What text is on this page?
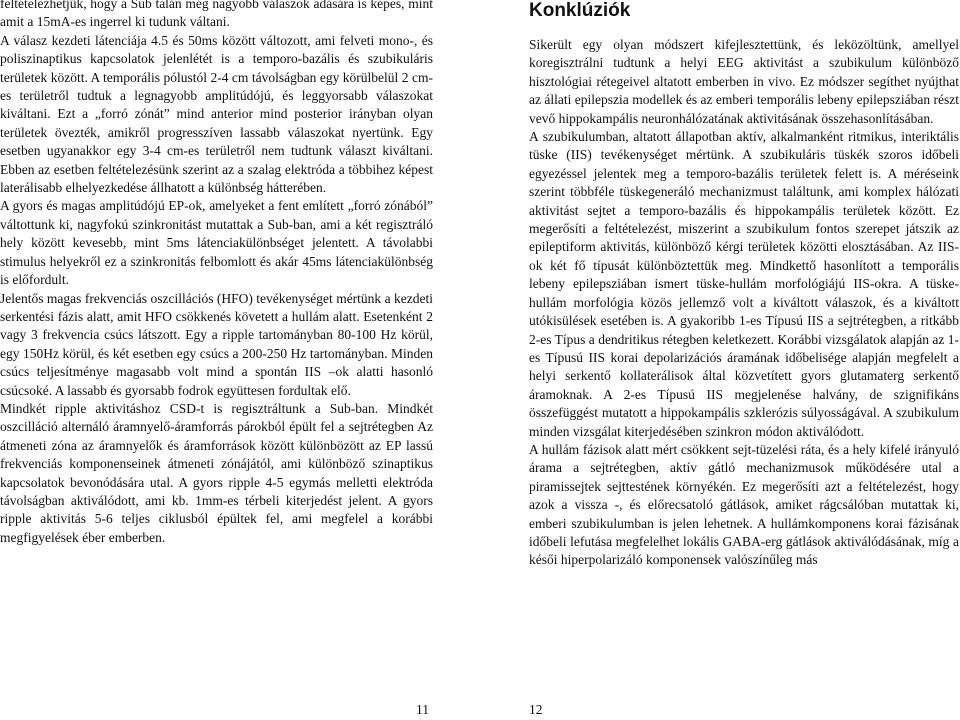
feltételezhetjük, hogy a Sub talán még nagyobb válaszok adására is képes, mint amit a 15mA-es ingerrel ki tudunk váltani.

A válasz kezdeti látenciája 4.5 és 50ms között változott, ami felveti mono-, és poliszinaptikus kapcsolatok jelenlétét is a temporo-bazális és szubikuláris területek között. A temporális pólustól 2-4 cm távolságban egy körülbelül 2 cm-es területről tudtuk a legnagyobb amplitúdójú, és leggyorsabb válaszokat kiváltani. Ezt a „forró zónát” mind anterior mind posterior irányban olyan területek övezték, amikről progresszíven lassabb válaszokat nyertünk. Egy esetben ugyanakkor egy 3-4 cm-es területről nem tudtunk választ kiváltani. Ebben az esetben feltételezésünk szerint az a szalag elektróda a többihez képest laterálisabb elhelyezkedése állhatott a különbség hátterében.

A gyors és magas amplitúdójú EP-ok, amelyeket a fent említett „forró zónából” váltottunk ki, nagyfokú szinkronitást mutattak a Sub-ban, ami a két regisztráló hely között kevesebb, mint 5ms látenciakülönbséget jelentett. A távolabbi stimulus helyekről ez a szinkronitás felbomlott és akár 45ms látenciakülönbség is előfordult.

Jelentős magas frekvenciás oszcillációs (HFO) tevékenységet mértünk a kezdeti serkentési fázis alatt, amit HFO csökkenés követett a hullám alatt. Esetenként 2 vagy 3 frekvencia csúcs látszott. Egy a ripple tartományban 80-100 Hz körül, egy 150Hz körül, és két esetben egy csúcs a 200-250 Hz tartományban. Minden csúcs teljesítménye magasabb volt mind a spontán IIS –ok alatti hasonló csúcsoké. A lassabb és gyorsabb fodrok együttesen fordultak elő.

Mindkét ripple aktivitáshoz CSD-t is regisztráltunk a Sub-ban. Mindkét oszcilláció alternáló áramnyelő-áramforrás párokból épült fel a sejtrétegben Az átmeneti zóna az áramnyelők és áramforrások között különbözött az EP lassú frekvenciás komponenseinek átmeneti zónájától, ami különböző szinaptikus kapcsolatok bevonódására utal. A gyors ripple 4-5 egymás melletti elektróda távolságban aktiválódott, ami kb. 1mm-es térbeli kiterjedést jelent. A gyors ripple aktivitás 5-6 teljes ciklusból épültek fel, ami megfelel a korábbi megfigyelések éber emberben.

Konklúziók

Sikerült egy olyan módszert kifejlesztettünk, és leközöltünk, amellyel koregisztrálni tudtunk a helyi EEG aktivitást a szubikulum különböző hisztológiai rétegeivel altatott emberben in vivo. Ez módszer segíthet nyújthat az állati epilepszia modellek és az emberi temporális lebeny epilepsziában részt vevő hippokampális neuronhálózatának aktivitásának összehasonlításában.

A szubikulumban, altatott állapotban aktív, alkalmanként ritmikus, interiktális tüske (IIS) tevékenységet mértünk. A szubikuláris tüskék szoros időbeli egyezéssel jelentek meg a temporo-bazális területek felett is. A méréseink szerint többféle tüskegeneráló mechanizmust találtunk, ami komplex hálózati aktivitást sejtet a temporo-bazális és hippokampális területek között. Ez megerősíti a feltételezést, miszerint a szubikulum fontos szerepet játszik az epileptiform aktivitás, különböző kérgi területek közötti elosztásában. Az IIS-ok két fő típusát különböztettük meg. Mindkettő hasonlított a temporális lebeny epilepsziában ismert tüske-hullám morfológiájú IIS-okra. A tüske-hullám morfológia közös jellemző volt a kiváltott válaszok, és a kiváltott utókisülések esetében is. A gyakoribb 1-es Típusú IIS a sejtrétegben, a ritkább 2-es Típus a dendritikus rétegben keletkezett. Korábbi vizsgálatok alapján az 1-es Típusú IIS korai depolarizációs áramának időbelisége alapján megfelelt a helyi serkentő kollaterálisok által közvetített gyors glutamaterg serkentő áramoknak. A 2-es Típusú IIS megjelenése halvány, de szignifikáns összefüggést mutatott a hippokampális szklerózis súlyosságával. A szubikulum minden vizsgálat kiterjedésében szinkron módon aktiválódott.

A hullám fázisok alatt mért csökkent sejt-tüzelési ráta, és a hely kifelé irányuló árama a sejtrétegben, aktív gátló mechanizmusok működésére utal a piramissejtek sejttestének környékén. Ez megerősíti azt a feltételezést, hogy azok a vissza -, és előrecsatoló gátlások, amiket rágcsálóban mutattak ki, emberi szubikulumban is jelen lehetnek. A hullámkomponens korai fázisának időbeli lefutása megfelelhet lokális GABA-erg gátlások aktiválódásának, míg a késői hiperpolarizáló komponensek valószínűleg más

11	12
